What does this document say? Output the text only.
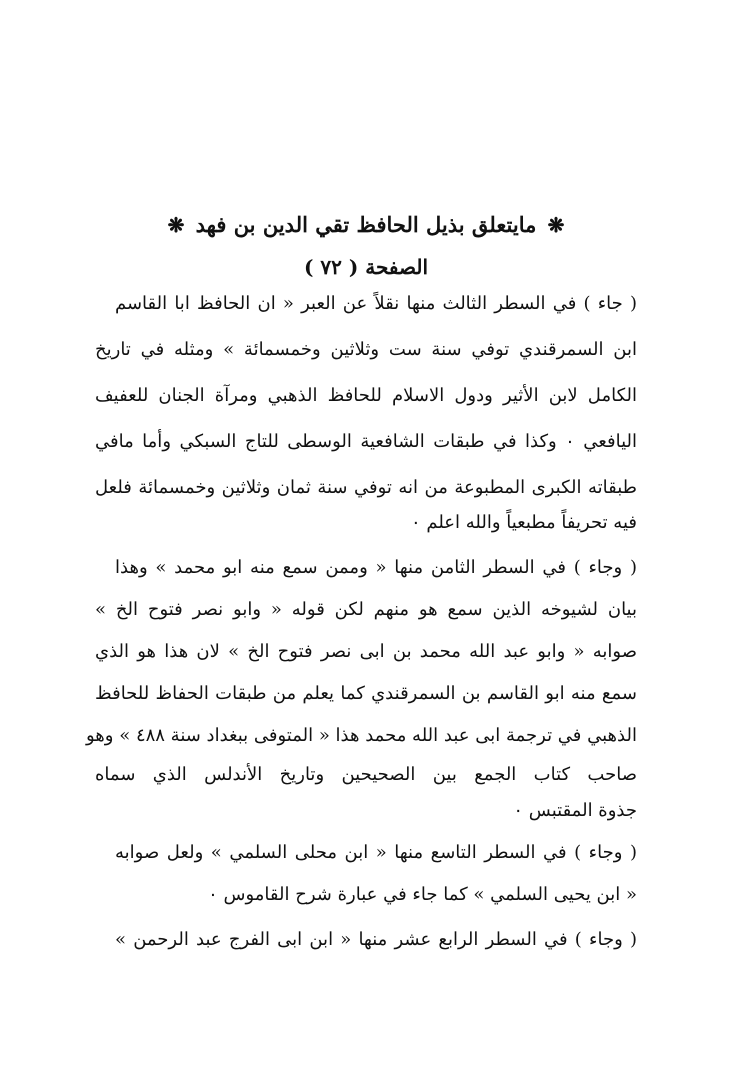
❋ مايتعلق بذيل الحافظ تقي الدين بن فهد ❋
الصفحة ( ٧٢ )
( جاء ) في السطر الثالث منها نقلاً عن العبر « ان الحافظ ابا القاسم
ابن السمرقندي توفي سنة ست وثلاثين وخمسمائة » ومثله في تاريخ
الكامل لابن الأثير ودول الاسلام للحافظ الذهبي ومرآة الجنان للعفيف
اليافعي ٠ وكذا في طبقات الشافعية الوسطى للتاج السبكي وأما مافي
طبقاته الكبرى المطبوعة من انه توفي سنة ثمان وثلاثين وخمسمائة فلعل
فيه تحريفاً مطبعياً والله اعلم ٠
( وجاء ) في السطر الثامن منها « وممن سمع منه ابو محمد » وهذا
بيان لشيوخه الذين سمع هو منهم لكن قوله « وابو نصر فتوح الخ »
صوابه « وابو عبد الله محمد بن ابى نصر فتوح الخ » لان هذا هو الذي
سمع منه ابو القاسم بن السمرقندي كما يعلم من طبقات الحفاظ للحافظ
الذهبي في ترجمة ابى عبد الله محمد هذا « المتوفى ببغداد سنة ٤٨٨ » وهو
صاحب كتاب الجمع بين الصحيحين وتاريخ الأندلس الذي سماه
جذوة المقتبس ٠
( وجاء ) في السطر التاسع منها « ابن محلى السلمي » ولعل صوابه
« ابن يحيى السلمي » كما جاء في عبارة شرح القاموس ٠
( وجاء ) في السطر الرابع عشر منها « ابن ابى الفرج عبد الرحمن »
